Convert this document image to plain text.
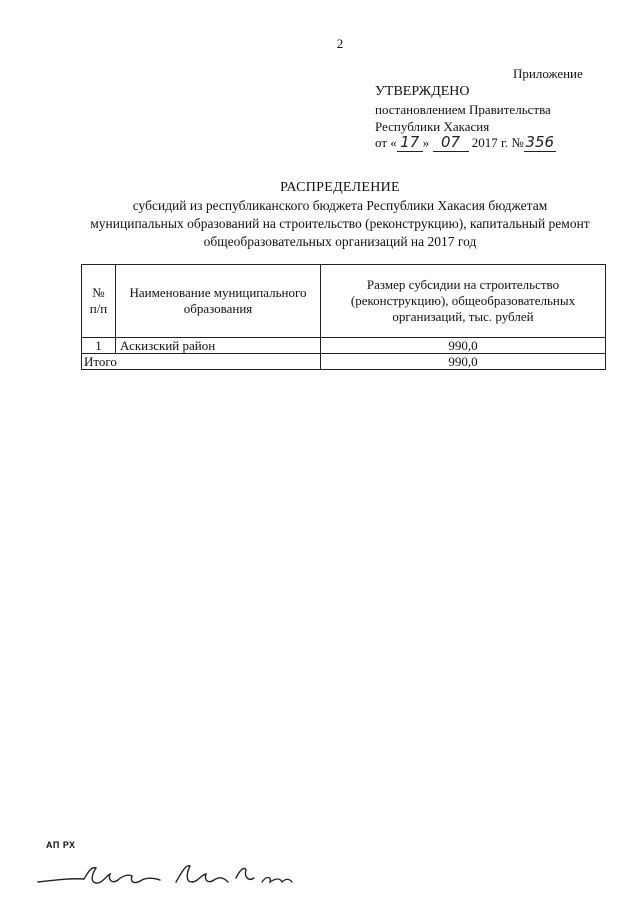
2
Приложение
УТВЕРЖДЕНО
постановлением Правительства
Республики Хакасия
от « 17 » 07 2017 г. № 356
РАСПРЕДЕЛЕНИЕ
субсидий из республиканского бюджета Республики Хакасия бюджетам муниципальных образований на строительство (реконструкцию), капитальный ремонт общеобразовательных организаций на 2017 год
№ п/п	Наименование муниципального образования	Размер субсидии на строительство (реконструкцию), общеобразовательных организаций, тыс. рублей
1	Аскизский район	990,0
Итого		990,0
АП РХ
